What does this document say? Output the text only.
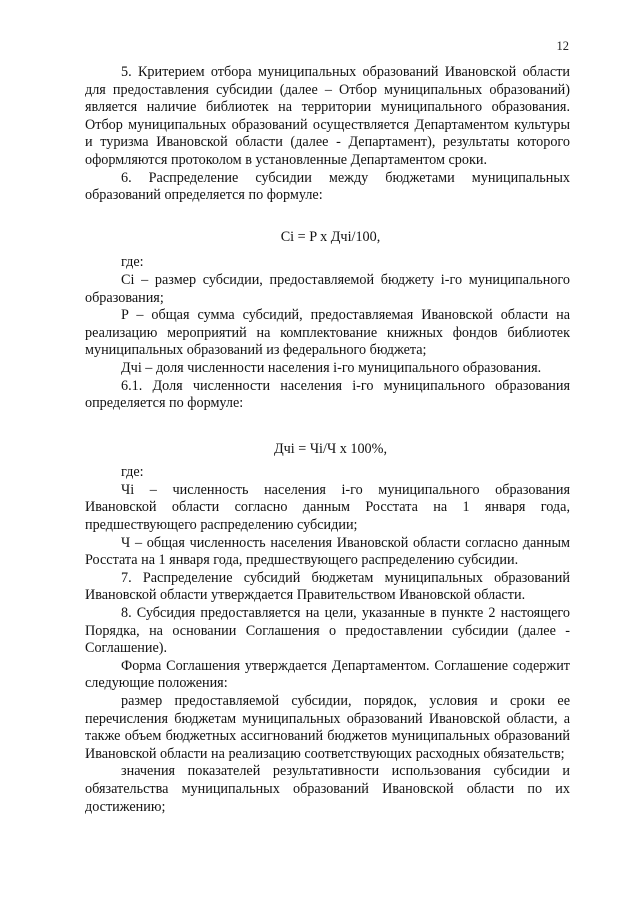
12

5. Критерием отбора муниципальных образований Ивановской области для предоставления субсидии (далее – Отбор муниципальных образований) является наличие библиотек на территории муниципального образования. Отбор муниципальных образований осуществляется Департаментом культуры и туризма Ивановской области (далее - Департамент), результаты которого оформляются протоколом в установленные Департаментом сроки.

6. Распределение субсидии между бюджетами муниципальных образований определяется по формуле:

Ci = P x Дчi/100,

где:

Ci – размер субсидии, предоставляемой бюджету i-го муниципального образования;

P – общая сумма субсидий, предоставляемая Ивановской области на реализацию мероприятий на комплектование книжных фондов библиотек муниципальных образований из федерального бюджета;

Дчi – доля численности населения i-го муниципального образования.

6.1. Доля численности населения i-го муниципального образования определяется по формуле:

Дчi = Чi/Ч x 100%,

где:

Чi – численность населения i-го муниципального образования Ивановской области согласно данным Росстата на 1 января года, предшествующего распределению субсидии;

Ч – общая численность населения Ивановской области согласно данным Росстата на 1 января года, предшествующего распределению субсидии.

7. Распределение субсидий бюджетам муниципальных образований Ивановской области утверждается Правительством Ивановской области.

8. Субсидия предоставляется на цели, указанные в пункте 2 настоящего Порядка, на основании Соглашения о предоставлении субсидии (далее - Соглашение).

Форма Соглашения утверждается Департаментом. Соглашение содержит следующие положения:

размер предоставляемой субсидии, порядок, условия и сроки ее перечисления бюджетам муниципальных образований Ивановской области, а также объем бюджетных ассигнований бюджетов муниципальных образований Ивановской области на реализацию соответствующих расходных обязательств;

значения показателей результативности использования субсидии и обязательства муниципальных образований Ивановской области по их достижению;
